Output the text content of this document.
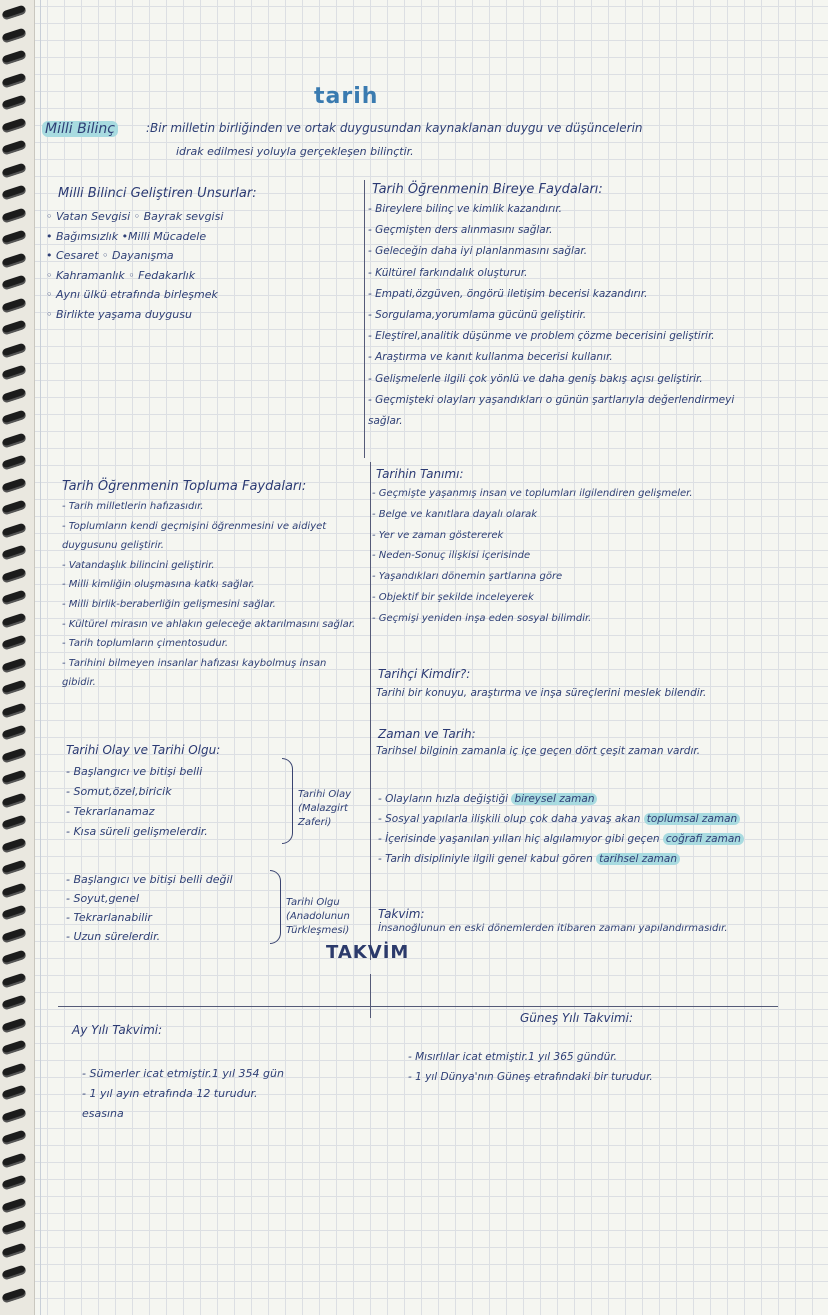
tarih
Milli Bilinç	:Bir milletin birliğinden ve ortak duygusundan kaynaklanan duygu ve düşüncelerin
idrak edilmesi yoluyla gerçekleşen bilinçtir.
Milli Bilinci Geliştiren Unsurlar:
◦ Vatan Sevgisi ◦ Bayrak sevgisi
• Bağımsızlık •Milli Mücadele
• Cesaret ◦ Dayanışma
◦ Kahramanlık ◦ Fedakarlık
◦ Aynı ülkü etrafında birleşmek
◦ Birlikte yaşama duygusu
Tarih Öğrenmenin Bireye Faydaları:
- Bireylere bilinç ve kimlik kazandırır.
- Geçmişten ders alınmasını sağlar.
- Geleceğin daha iyi planlanmasını sağlar.
- Kültürel farkındalık oluşturur.
- Empati,özgüven, öngörü iletişim becerisi kazandırır.
- Sorgulama,yorumlama gücünü geliştirir.
- Eleştirel,analitik düşünme ve problem çözme becerisini geliştirir.
- Araştırma ve kanıt kullanma becerisi kullanır.
- Gelişmelerle ilgili çok yönlü ve daha geniş bakış açısı geliştirir.
- Geçmişteki olayları yaşandıkları o günün şartlarıyla değerlendirmeyi
sağlar.
Tarih Öğrenmenin Topluma Faydaları:
- Tarih milletlerin hafızasıdır.
- Toplumların kendi geçmişini öğrenmesini ve aidiyet
duygusunu geliştirir.
- Vatandaşlık bilincini geliştirir.
- Milli kimliğin oluşmasına katkı sağlar.
- Milli birlik-beraberliğin gelişmesini sağlar.
- Kültürel mirasın ve ahlakın geleceğe aktarılmasını sağlar.
- Tarih toplumların çimentosudur.
- Tarihini bilmeyen insanlar hafızası kaybolmuş insan
gibidir.
Tarihin Tanımı:
- Geçmişte yaşanmış insan ve toplumları ilgilendiren gelişmeler.
- Belge ve kanıtlara dayalı olarak
- Yer ve zaman göstererek
- Neden-Sonuç ilişkisi içerisinde
- Yaşandıkları dönemin şartlarına göre
- Objektif bir şekilde inceleyerek
- Geçmişi yeniden inşa eden sosyal bilimdir.
Tarihçi Kimdir?:
Tarihi bir konuyu, araştırma ve inşa süreçlerini meslek bilendir.
Zaman ve Tarih:
Tarihsel bilginin zamanla iç içe geçen dört çeşit zaman vardır.
- Olayların hızla değiştiği bireysel zaman
- Sosyal yapılarla ilişkili olup çok daha yavaş akan toplumsal zaman
- İçerisinde yaşanılan yılları hiç algılamıyor gibi geçen coğrafi zaman
- Tarih disipliniyle ilgili genel kabul gören tarihsel zaman
Tarihi Olay ve Tarihi Olgu:
- Başlangıcı ve bitişi belli
- Somut,özel,biricik
- Tekrarlanamaz
- Kısa süreli gelişmelerdir.
Tarihi Olay
(Malazgirt
Zaferi)
- Başlangıcı ve bitişi belli değil
- Soyut,genel
- Tekrarlanabilir
- Uzun sürelerdir.
Tarihi Olgu
(Anadolunun
Türkleşmesi)
Takvim:
İnsanoğlunun en eski dönemlerden itibaren zamanı yapılandırmasıdır.
TAKVİM
Ay Yılı Takvimi:
- Sümerler icat etmiştir.1 yıl 354 gün
- 1 yıl ayın etrafında 12 turudur.
esasına
Güneş Yılı Takvimi:
- Mısırlılar icat etmiştir.1 yıl 365 gündür.
- 1 yıl Dünya'nın Güneş etrafındaki bir turudur.
